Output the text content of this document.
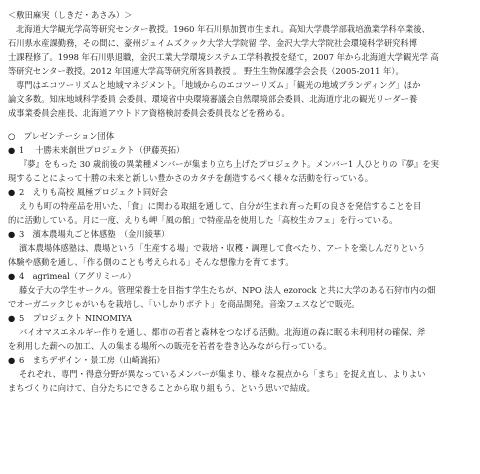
＜敷田麻実（しきだ・あさみ）＞
北海道大学観光学高等研究センター教授。1960 年石川県加賀市生まれ。高知大学農学部栽培漁業学科卒業後、
石川県水産課勤務，その間に、豪州ジェイムズクック大学大学院留 学、金沢大学大学院社会環境科学研究科博
士課程修了。1998 年石川県退職，金沢工業大学環境システム工学科教授を経て，2007 年から北海道大学観光学 高
等研究センター教授。2012 年国連大学高等研究所客員教授 。 野生生物保護学会会長（2005-2011 年）。
専門はエコツーリズムと地域マネジメント。「地域からのエコツーリズム」「観光の地域ブランディング」ほか
論文多数。知床地域科学委員 会委員、環境省中央環境審議会自然環境部会委員、北海道庁北の観光リーダー養
成事業委員会座長、北海道アウトドア資格検討委員会委員長などを務める。
○　プレゼンテーション団体
● 1　 十勝未来創世プロジェクト（伊藤英拓）
『夢』をもった 30 歳前後の異業種メンバーが集まり立ち上げたプロジェクト。メンバー1 人ひとりの『夢』を実
現することによって十勝の未来と新しい豊かさのカタチを創造するべく様々な活動を行っている。
● 2　えりも高校 風極プロジェクト同好会
えりも町の特産品を用いた、「食」に関わる取組を通して、自分が生まれ育った町の良さを発信することを目
的に活動している。月に一度、えりも岬「風の館」で特産品を使用した「高校生カフェ」を行っている。
● 3　濱本農場丸ごと体感塾　（金川綾華）
濱本農場体感塾は、農場という「生産する場」で栽培・収穫・調理して食べたり、アートを楽しんだりという
体験や感動を通し、「作る側のことも考えられる」そんな想像力を育てます。
● 4　agrimeal（アグリミール）
藤女子大の学生サークル。管理栄養士を目指す学生たちが、NPO 法人 ezorock と共に大学のある石狩市内の畑
でオーガニックじゃがいもを栽培し、「いしかりポテト」を商品開発。音楽フェスなどで販売。
● 5　プロジェクト NINOMIYA
バイオマスエネルギー作りを通し、都市の若者と森林をつなげる活動。北海道の森に眠る未利用材の確保、斧
を利用した薪への加工、人の集まる場所への販売を若者を巻き込みながら行っている。
● 6　まちデザイン・景工房（山崎嵩拓）
それぞれ、専門・得意分野が異なっているメンバーが集まり、様々な視点から「まち」を捉え直し、よりよい
まちづくりに向けて、自分たちにできることから取り組もう、という思いで結成。
